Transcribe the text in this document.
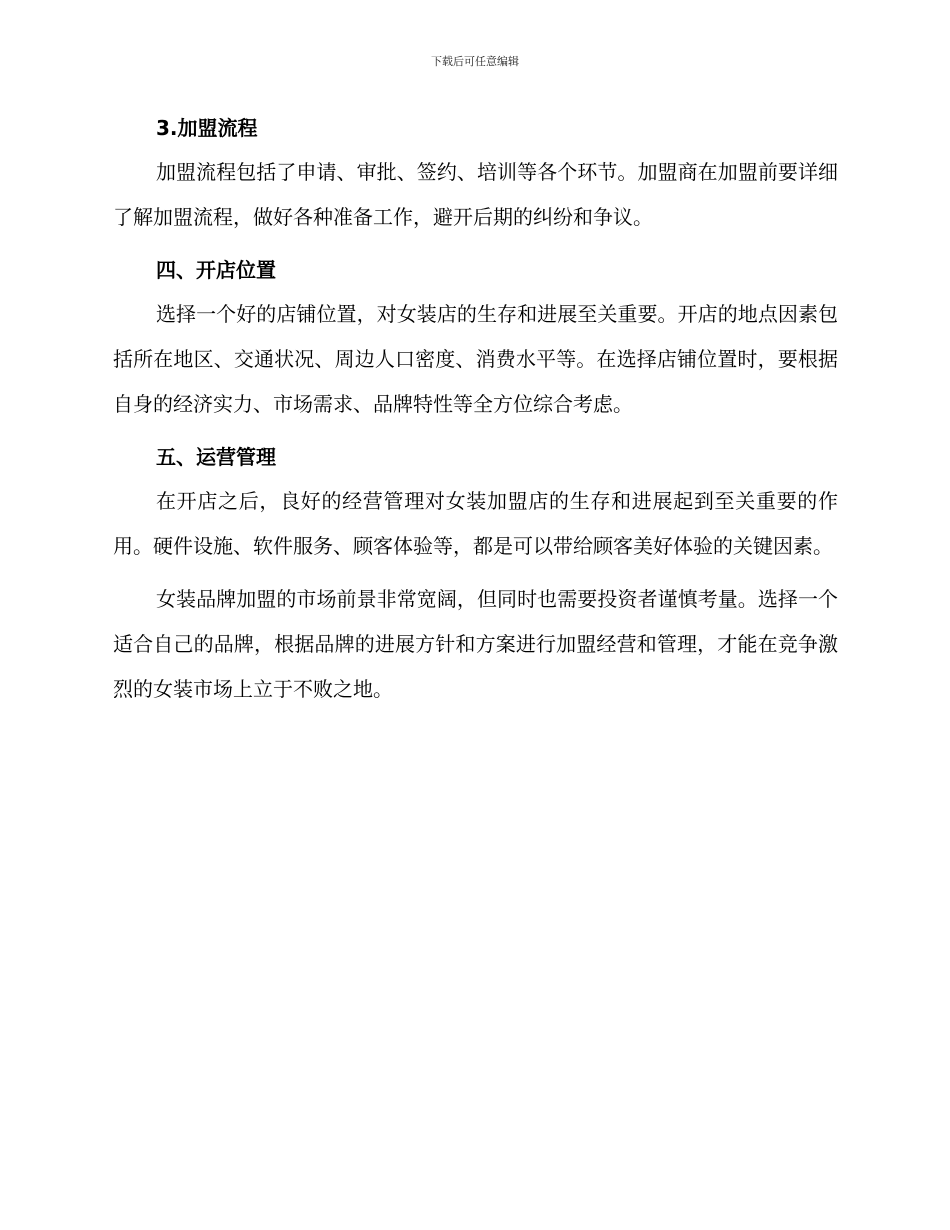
下载后可任意编辑
3.加盟流程

加盟流程包括了申请、审批、签约、培训等各个环节。加盟商在加盟前要详细了解加盟流程，做好各种准备工作，避开后期的纠纷和争议。

四、开店位置

选择一个好的店铺位置，对女装店的生存和进展至关重要。开店的地点因素包括所在地区、交通状况、周边人口密度、消费水平等。在选择店铺位置时，要根据自身的经济实力、市场需求、品牌特性等全方位综合考虑。

五、运营管理

在开店之后，良好的经营管理对女装加盟店的生存和进展起到至关重要的作用。硬件设施、软件服务、顾客体验等，都是可以带给顾客美好体验的关键因素。

女装品牌加盟的市场前景非常宽阔，但同时也需要投资者谨慎考量。选择一个适合自己的品牌，根据品牌的进展方针和方案进行加盟经营和管理，才能在竞争激烈的女装市场上立于不败之地。
